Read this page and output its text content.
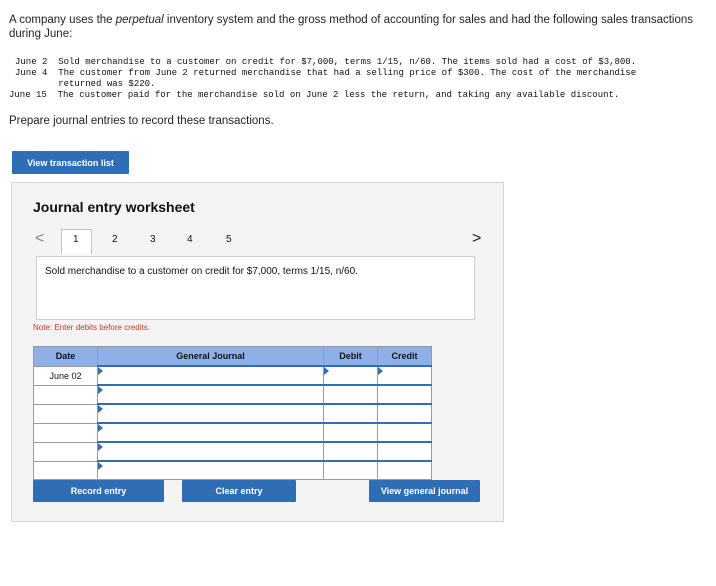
A company uses the perpetual inventory system and the gross method of accounting for sales and had the following sales transactions during June:
June 2  Sold merchandise to a customer on credit for $7,000, terms 1/15, n/60. The items sold had a cost of $3,800.
June 4  The customer from June 2 returned merchandise that had a selling price of $300. The cost of the merchandise
returned was $220.
June 15  The customer paid for the merchandise sold on June 2 less the return, and taking any available discount.
Prepare journal entries to record these transactions.
View transaction list
Journal entry worksheet
<	1	2	3	4	5	>
Sold merchandise to a customer on credit for $7,000, terms 1/15, n/60.
Note: Enter debits before credits.
Date	General Journal	Debit	Credit
June 02	

Record entry	Clear entry	View general journal
